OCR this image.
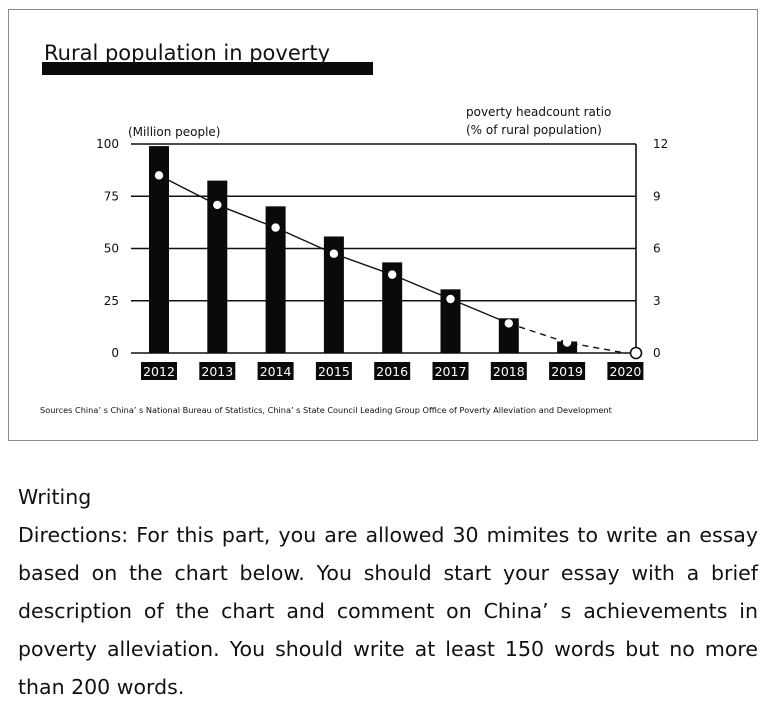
Rural population in poverty
(Million people)
poverty headcount ratio
(% of rural population)
100	12
75	9
50	6
25	3
0	0
2012 2013 2014 2015 2016 2017 2018 2019 2020
Sources China’ s China’ s National Bureau of Statistics, China’ s State Council Leading Group Office of Poverty Alleviation and Development
Writing

Directions: For this part, you are allowed 30 mimites to write an essay based on the chart below. You should start your essay with a brief description of the chart and comment on China’ s achievements in poverty alleviation. You should write at least 150 words but no more than 200 words.
